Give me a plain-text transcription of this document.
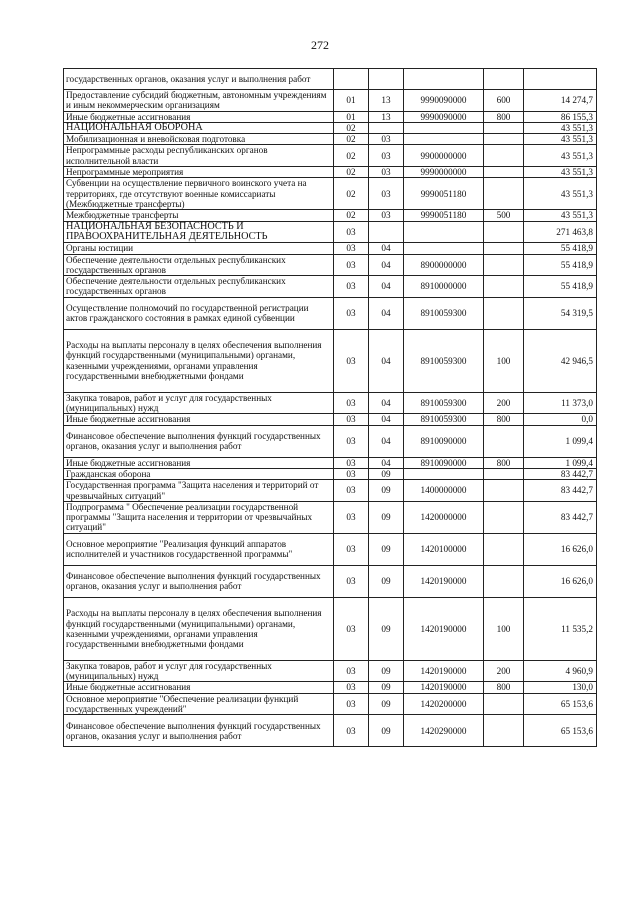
272
государственных органов, оказания услуг и выполнения работ					
Предоставление субсидий бюджетным, автономным учреждениям и иным некоммерческим организациям	01	13	9990090000	600	14 274,7
Иные бюджетные ассигнования	01	13	9990090000	800	86 155,3
НАЦИОНАЛЬНАЯ ОБОРОНА	02				43 551,3
Мобилизационная и вневойсковая подготовка	02	03			43 551,3
Непрограммные расходы республиканских органов исполнительной власти	02	03	9900000000		43 551,3
Непрограммные мероприятия	02	03	9990000000		43 551,3
Субвенции на осуществление первичного воинского учета на территориях, где отсутствуют военные комиссариаты (Межбюджетные трансферты)	02	03	9990051180		43 551,3
Межбюджетные трансферты	02	03	9990051180	500	43 551,3
НАЦИОНАЛЬНАЯ БЕЗОПАСНОСТЬ И ПРАВООХРАНИТЕЛЬНАЯ ДЕЯТЕЛЬНОСТЬ	03				271 463,8
Органы юстиции	03	04			55 418,9
Обеспечение деятельности отдельных республиканских государственных органов	03	04	8900000000		55 418,9
Обеспечение деятельности отдельных республиканских государственных органов	03	04	8910000000		55 418,9
Осуществление полномочий по государственной регистрации актов гражданского состояния в рамках единой субвенции	03	04	8910059300		54 319,5
Расходы на выплаты персоналу в целях обеспечения выполнения функций государственными (муниципальными) органами, казенными учреждениями, органами управления государственными внебюджетными фондами	03	04	8910059300	100	42 946,5
Закупка товаров, работ и услуг для государственных (муниципальных) нужд	03	04	8910059300	200	11 373,0
Иные бюджетные ассигнования	03	04	8910059300	800	0,0
Финансовое обеспечение выполнения функций государственных органов, оказания услуг и выполнения работ	03	04	8910090000		1 099,4
Иные бюджетные ассигнования	03	04	8910090000	800	1 099,4
Гражданская оборона	03	09			83 442,7
Государственная программа "Защита населения и территорий от чрезвычайных ситуаций"	03	09	1400000000		83 442,7
Подпрограмма " Обеспечение реализации государственной программы "Защита населения и территории от чрезвычайных ситуаций"	03	09	1420000000		83 442,7
Основное мероприятие "Реализация функций аппаратов исполнителей и участников государственной программы"	03	09	1420100000		16 626,0
Финансовое обеспечение выполнения функций государственных органов, оказания услуг и выполнения работ	03	09	1420190000		16 626,0
Расходы на выплаты персоналу в целях обеспечения выполнения функций государственными (муниципальными) органами, казенными учреждениями, органами управления государственными внебюджетными фондами	03	09	1420190000	100	11 535,2
Закупка товаров, работ и услуг для государственных (муниципальных) нужд	03	09	1420190000	200	4 960,9
Иные бюджетные ассигнования	03	09	1420190000	800	130,0
Основное мероприятие "Обеспечение реализации функций государственных учреждений"	03	09	1420200000		65 153,6
Финансовое обеспечение выполнения функций государственных органов, оказания услуг и выполнения работ	03	09	1420290000		65 153,6
